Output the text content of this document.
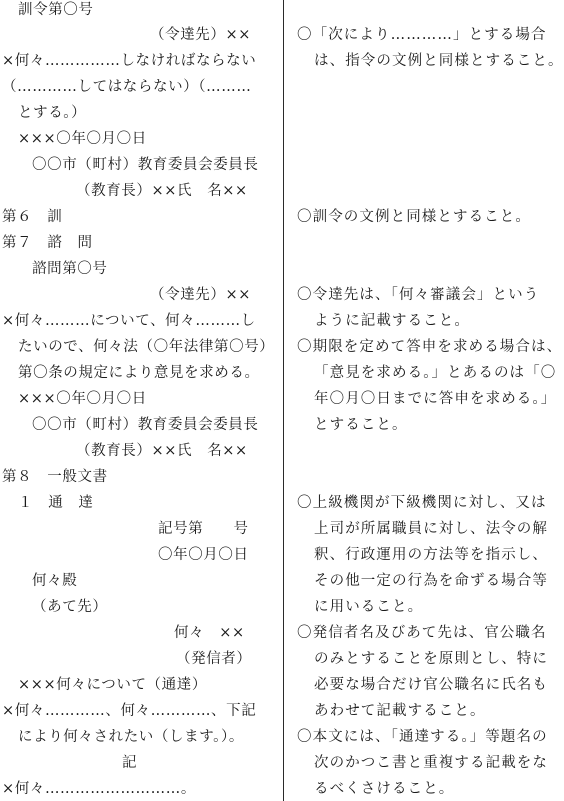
訓令第〇号
（令達先）××
×何々……………しなければならない
（…………してはならない）（………
とする。）
×××〇年〇月〇日
〇〇市（町村）教育委員会委員長
（教育長）××氏　名××
第６　訓
第７　諮　問
諮問第〇号
（令達先）××
×何々………について、何々………し
たいので、何々法（〇年法律第〇号）
第〇条の規定により意見を求める。
×××〇年〇月〇日
〇〇市（町村）教育委員会委員長
（教育長）××氏　名××
第８　一般文書
１　通　達
記号第　　号
〇年〇月〇日
何々殿
（あて先）
何々　××
（発信者）
×××何々について（通達）
×何々…………、何々…………、下記
により何々されたい（します。）。
記
×何々………………………。
〇「次により…………」とする場合
は、指令の文例と同様とすること。
〇訓令の文例と同様とすること。
〇令達先は、「何々審議会」という
ように記載すること。
〇期限を定めて答申を求める場合は、
「意見を求める。」とあるのは「〇
年〇月〇日までに答申を求める。」
とすること。
〇上級機関が下級機関に対し、又は
上司が所属職員に対し、法令の解
釈、行政運用の方法等を指示し、
その他一定の行為を命ずる場合等
に用いること。
〇発信者名及びあて先は、官公職名
のみとすることを原則とし、特に
必要な場合だけ官公職名に氏名も
あわせて記載すること。
〇本文には、「通達する。」等題名の
次のかつこ書と重複する記載をな
るべくさけること。
